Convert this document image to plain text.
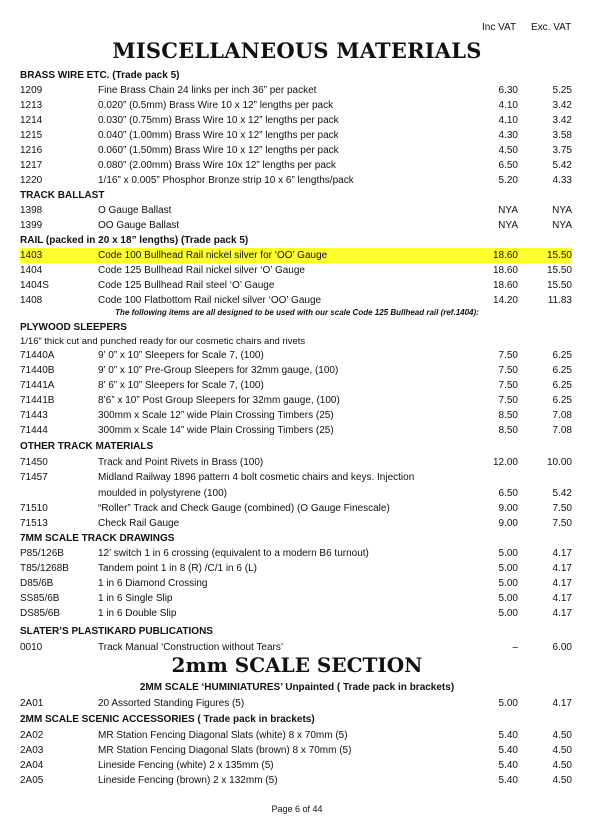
Inc VAT Exc. VAT
MISCELLANEOUS MATERIALS
BRASS WIRE ETC. (Trade pack 5)
1209	Fine Brass Chain 24 links per inch 36” per packet	6.30	5.25
1213	0.020” (0.5mm) Brass Wire 10 x 12” lengths per pack	4.10	3.42
1214	0.030” (0.75mm) Brass Wire 10 x 12” lengths per pack	4.10	3.42
1215	0.040” (1.00mm) Brass Wire 10 x 12” lengths per pack	4.30	3.58
1216	0.060” (1.50mm) Brass Wire 10 x 12” lengths per pack	4.50	3.75
1217	0.080” (2.00mm) Brass Wire 10x 12” lengths per pack	6.50	5.42
1220	1/16” x 0.005” Phosphor Bronze strip 10 x 6” lengths/pack	5.20	4.33
TRACK BALLAST
1398	O Gauge Ballast	NYA	NYA
1399	OO Gauge Ballast	NYA	NYA
RAIL (packed in 20 x 18” lengths) (Trade pack 5)
1403	Code 100 Bullhead Rail nickel silver for ‘OO’ Gauge	18.60	15.50
1404	Code 125 Bullhead Rail nickel silver ‘O’ Gauge	18.60	15.50
1404S	Code 125 Bullhead Rail steel ‘O’ Gauge	18.60	15.50
1408	Code 100 Flatbottom Rail nickel silver ‘OO’ Gauge	14.20	11.83
The following items are all designed to be used with our scale Code 125 Bullhead rail (ref.1404):
PLYWOOD SLEEPERS
1/16” thick cut and punched ready for our cosmetic chairs and rivets
71440A	9’ 0” x 10” Sleepers for Scale 7, (100)	7.50	6.25
71440B	9’ 0” x 10” Pre-Group Sleepers for 32mm gauge, (100)	7.50	6.25
71441A	8’ 6” x 10” Sleepers for Scale 7, (100)	7.50	6.25
71441B	8’6” x 10” Post Group Sleepers for 32mm gauge, (100)	7.50	6.25
71443	300mm x Scale 12” wide Plain Crossing Timbers (25)	8.50	7.08
71444	300mm x Scale 14” wide Plain Crossing Timbers (25)	8.50	7.08
OTHER TRACK MATERIALS
71450	Track and Point Rivets in Brass (100)	12.00	10.00
71457	Midland Railway 1896 pattern 4 bolt cosmetic chairs and keys. Injection
moulded in polystyrene (100)	6.50	5.42
71510	“Roller” Track and Check Gauge (combined) (O Gauge Finescale)	9.00	7.50
71513	Check Rail Gauge	9.00	7.50
7MM SCALE TRACK DRAWINGS
P85/126B	12’ switch 1 in 6 crossing (equivalent to a modern B6 turnout)	5.00	4.17
T85/1268B	Tandem point 1 in 8 (R) /C/1 in 6 (L)	5.00	4.17
D85/6B	1 in 6 Diamond Crossing	5.00	4.17
SS85/6B	1 in 6 Single Slip	5.00	4.17
DS85/6B	1 in 6 Double Slip	5.00	4.17
SLATER’S PLASTIKARD PUBLICATIONS
0010	Track Manual ‘Construction without Tears’	–	6.00
2mm SCALE SECTION
2MM SCALE ‘HUMINIATURES’ Unpainted ( Trade pack in brackets)
2A01	20 Assorted Standing Figures (5)	5.00	4.17
2MM SCALE SCENIC ACCESSORIES ( Trade pack in brackets)
2A02	MR Station Fencing Diagonal Slats (white) 8 x 70mm (5)	5.40	4.50
2A03	MR Station Fencing Diagonal Slats (brown) 8 x 70mm (5)	5.40	4.50
2A04	Lineside Fencing (white) 2 x 135mm (5)	5.40	4.50
2A05	Lineside Fencing (brown) 2 x 132mm (5)	5.40	4.50
Page 6 of 44
